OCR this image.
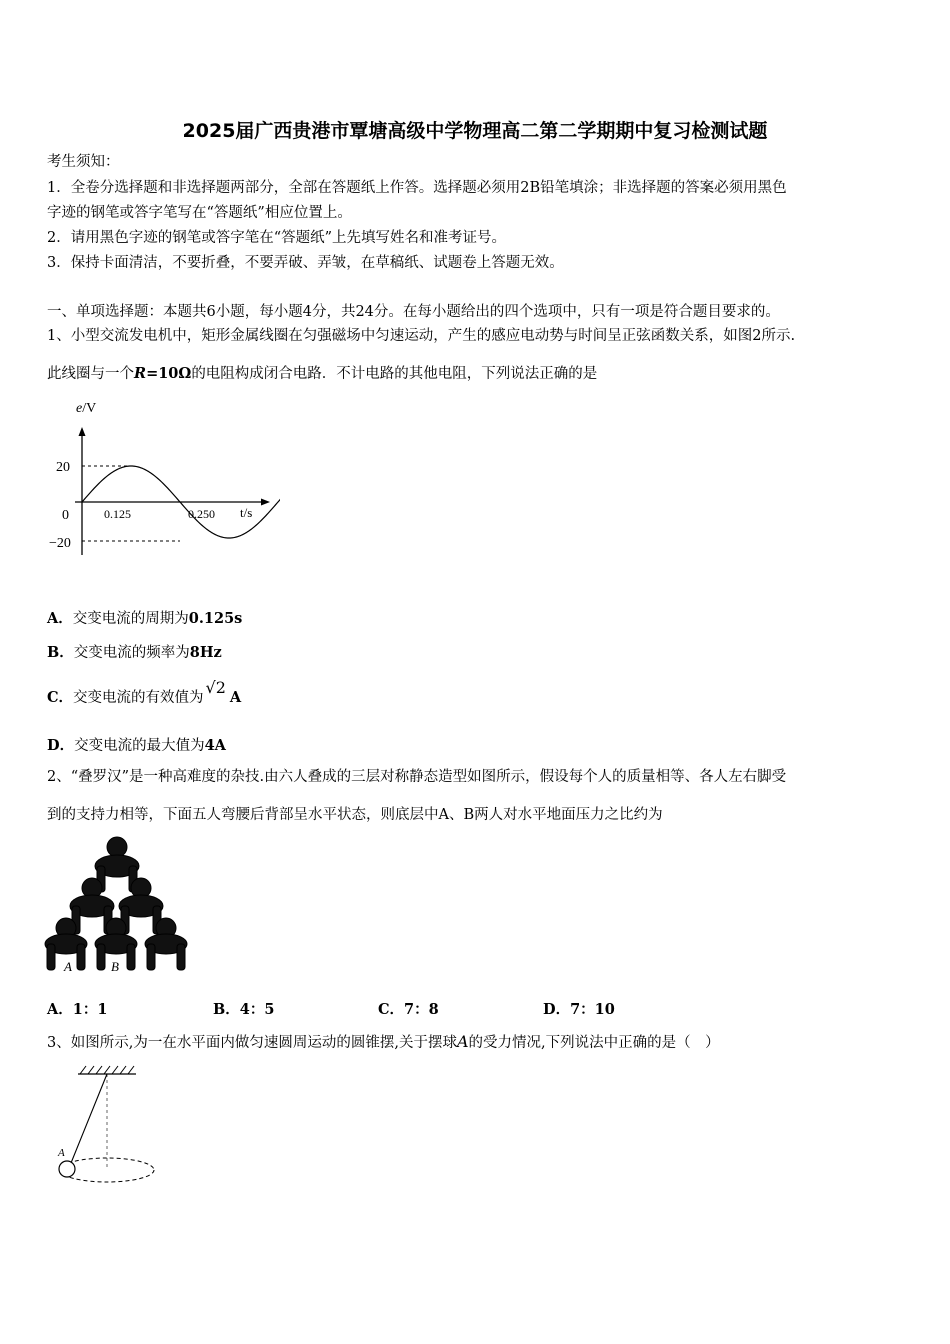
2025届广西贵港市覃塘高级中学物理高二第二学期期中复习检测试题
考生须知：
1．全卷分选择题和非选择题两部分，全部在答题纸上作答。选择题必须用2B铅笔填涂；非选择题的答案必须用黑色
字迹的钢笔或答字笔写在“答题纸”相应位置上。
2．请用黑色字迹的钢笔或答字笔在“答题纸”上先填写姓名和准考证号。
3．保持卡面清洁，不要折叠，不要弄破、弄皱，在草稿纸、试题卷上答题无效。
一、单项选择题：本题共6小题，每小题4分，共24分。在每小题给出的四个选项中，只有一项是符合题目要求的。
1、小型交流发电机中，矩形金属线圈在匀强磁场中匀速运动，产生的感应电动势与时间呈正弦函数关系，如图2所示.
此线圈与一个R=10Ω的电阻构成闭合电路．不计电路的其他电阻，下列说法正确的是
e/V
20
0
−20
0.125	0.250 t/s
A．交变电流的周期为0.125s
B．交变电流的频率为8Hz
C．交变电流的有效值为√2A
D．交变电流的最大值为4A
2、“叠罗汉”是一种高难度的杂技.由六人叠成的三层对称静态造型如图所示，假设每个人的质量相等、各人左右脚受
到的支持力相等，下面五人弯腰后背部呈水平状态，则底层中A、B两人对水平地面压力之比约为
A	B
A．1：1	B．4：5	C．7：8	D．7：10
3、如图所示,为一在水平面内做匀速圆周运动的圆锥摆,关于摆球A的受力情况,下列说法中正确的是（　）
A
